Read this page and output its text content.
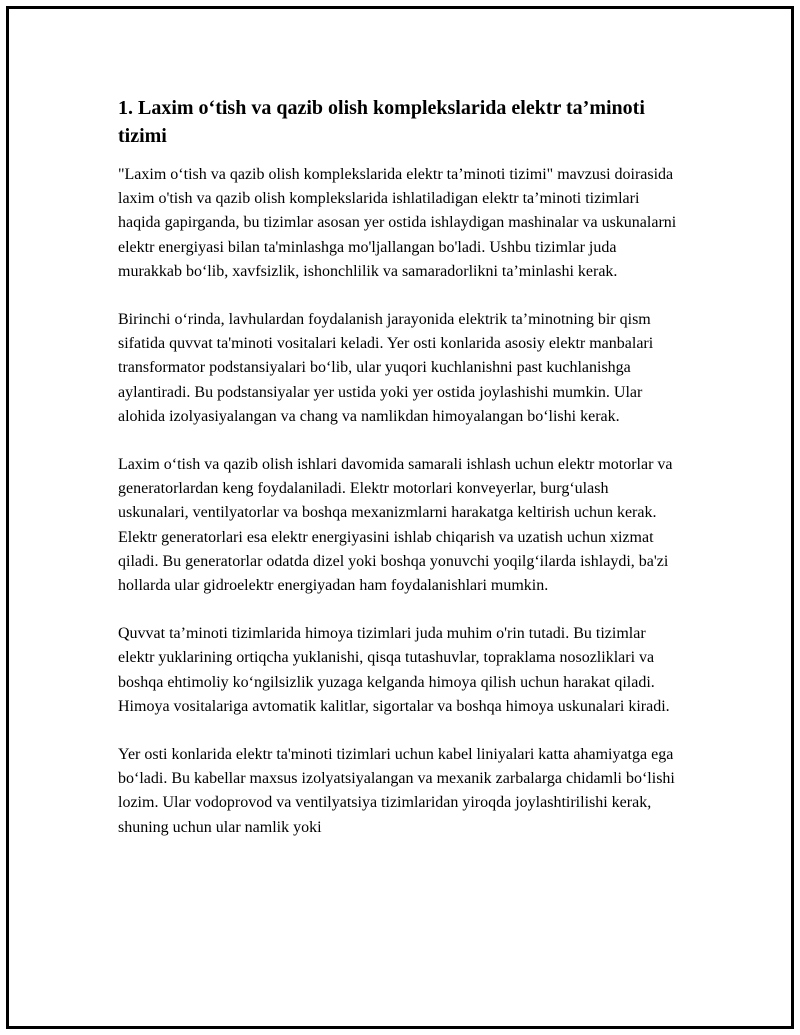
1. Laxim o‘tish va qazib olish komplekslarida elektr ta’minoti tizimi

"Laxim o‘tish va qazib olish komplekslarida elektr ta’minoti tizimi" mavzusi doirasida laxim o'tish va qazib olish komplekslarida ishlatiladigan elektr ta’minoti tizimlari haqida gapirganda, bu tizimlar asosan yer ostida ishlaydigan mashinalar va uskunalarni elektr energiyasi bilan ta'minlashga mo'ljallangan bo'ladi. Ushbu tizimlar juda murakkab bo‘lib, xavfsizlik, ishonchlilik va samaradorlikni ta’minlashi kerak.

Birinchi o‘rinda, lavhulardan foydalanish jarayonida elektrik ta’minotning bir qism sifatida quvvat ta'minoti vositalari keladi. Yer osti konlarida asosiy elektr manbalari transformator podstansiyalari bo‘lib, ular yuqori kuchlanishni past kuchlanishga aylantiradi. Bu podstansiyalar yer ustida yoki yer ostida joylashishi mumkin. Ular alohida izolyasiyalangan va chang va namlikdan himoyalangan bo‘lishi kerak.

Laxim o‘tish va qazib olish ishlari davomida samarali ishlash uchun elektr motorlar va generatorlardan keng foydalaniladi. Elektr motorlari konveyerlar, burg‘ulash uskunalari, ventilyatorlar va boshqa mexanizmlarni harakatga keltirish uchun kerak. Elektr generatorlari esa elektr energiyasini ishlab chiqarish va uzatish uchun xizmat qiladi. Bu generatorlar odatda dizel yoki boshqa yonuvchi yoqilg‘ilarda ishlaydi, ba'zi hollarda ular gidroelektr energiyadan ham foydalanishlari mumkin.

Quvvat ta’minoti tizimlarida himoya tizimlari juda muhim o'rin tutadi. Bu tizimlar elektr yuklarining ortiqcha yuklanishi, qisqa tutashuvlar, topraklama nosozliklari va boshqa ehtimoliy ko‘ngilsizlik yuzaga kelganda himoya qilish uchun harakat qiladi. Himoya vositalariga avtomatik kalitlar, sigortalar va boshqa himoya uskunalari kiradi.

Yer osti konlarida elektr ta'minoti tizimlari uchun kabel liniyalari katta ahamiyatga ega bo‘ladi. Bu kabellar maxsus izolyatsiyalangan va mexanik zarbalarga chidamli bo‘lishi lozim. Ular vodoprovod va ventilyatsiya tizimlaridan yiroqda joylashtirilishi kerak, shuning uchun ular namlik yoki
